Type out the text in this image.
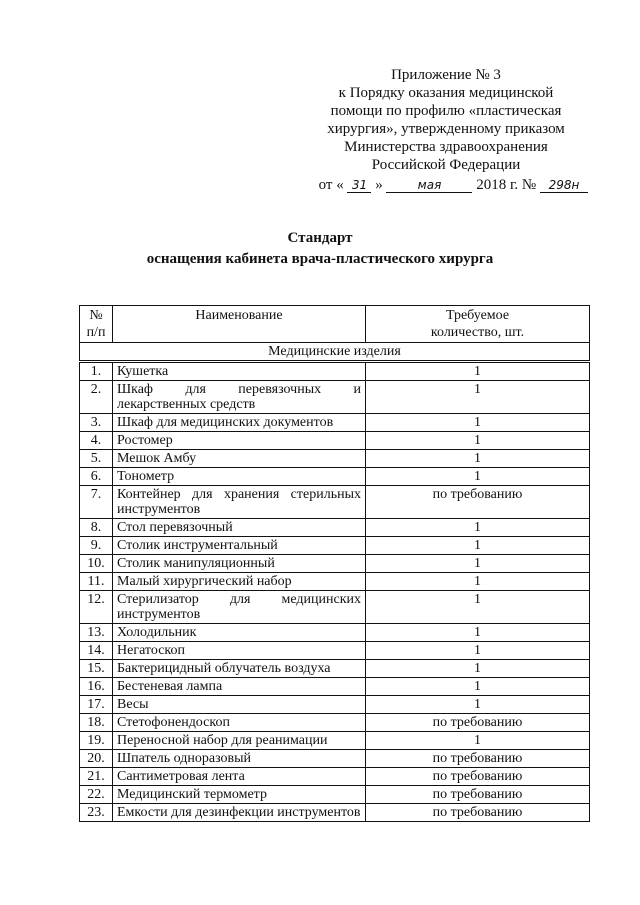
Приложение № 3
к Порядку оказания медицинской
помощи по профилю «пластическая
хирургия», утвержденному приказом
Министерства здравоохранения
Российской Федерации
от « 31 »	мая 2018 г. № 298н
Стандарт
оснащения кабинета врача-пластического хирурга
№
п/п	Наименование	Требуемое
количество, шт.
Медицинские изделия		
1.	Кушетка	1
2.	Шкаф для перевязочных и лекарственных средств	1
3.	Шкаф для медицинских документов	1
4.	Ростомер	1
5.	Мешок Амбу	1
6.	Тонометр	1
7.	Контейнер для хранения стерильных инструментов	по требованию
8.	Стол перевязочный	1
9.	Столик инструментальный	1
10.	Столик манипуляционный	1
11.	Малый хирургический набор	1
12.	Стерилизатор для медицинских инструментов	1
13.	Холодильник	1
14.	Негатоскоп	1
15.	Бактерицидный облучатель воздуха	1
16.	Бестеневая лампа	1
17.	Весы	1
18.	Стетофонендоскоп	по требованию
19.	Переносной набор для реанимации	1
20.	Шпатель одноразовый	по требованию
21.	Сантиметровая лента	по требованию
22.	Медицинский термометр	по требованию
23.	Емкости для дезинфекции инструментов	по требованию
